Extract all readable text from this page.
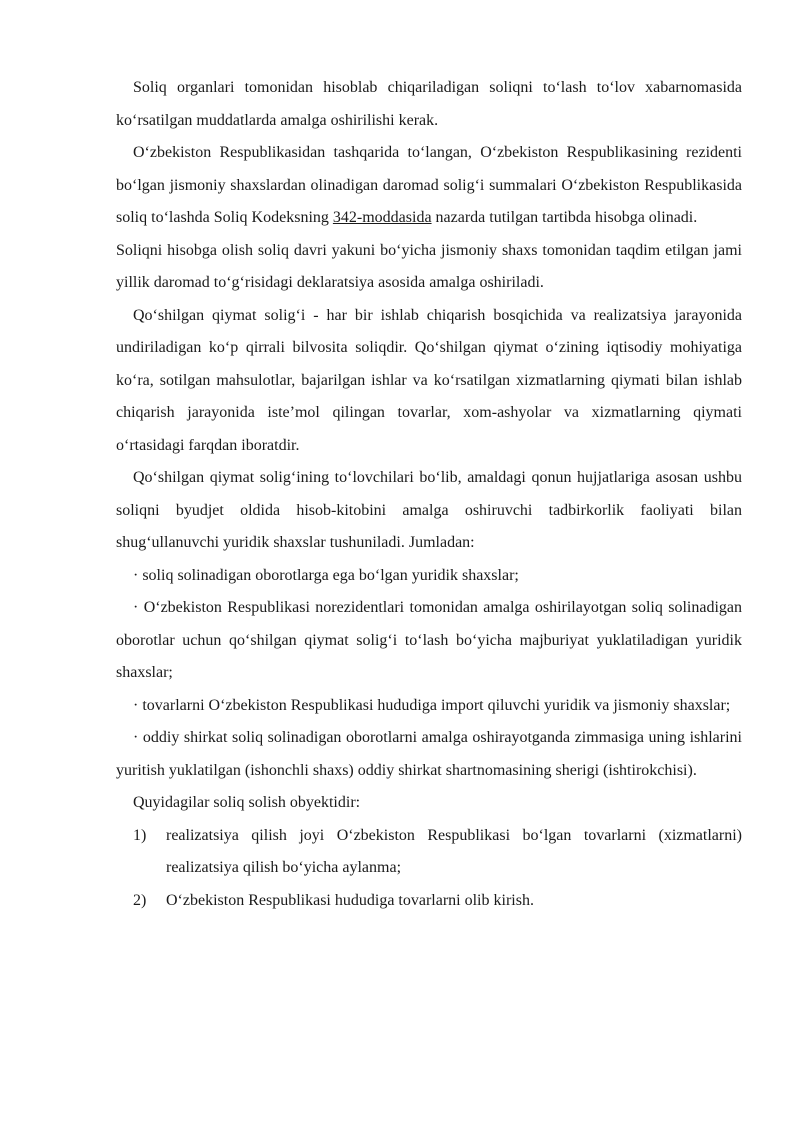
Soliq organlari tomonidan hisoblab chiqariladigan soliqni to‘lash to‘lov xabarnomasida ko‘rsatilgan muddatlarda amalga oshirilishi kerak.

O‘zbekiston Respublikasidan tashqarida to‘langan, O‘zbekiston Respublikasining rezidenti bo‘lgan jismoniy shaxslardan olinadigan daromad solig‘i summalari O‘zbekiston Respublikasida soliq to‘lashda Soliq Kodeksning 342-moddasida nazarda tutilgan tartibda hisobga olinadi.

Soliqni hisobga olish soliq davri yakuni bo‘yicha jismoniy shaxs tomonidan taqdim etilgan jami yillik daromad to‘g‘risidagi deklaratsiya asosida amalga oshiriladi.

Qo‘shilgan qiymat solig‘i - har bir ishlab chiqarish bosqichida va realizatsiya jarayonida undiriladigan ko‘p qirrali bilvosita soliqdir. Qo‘shilgan qiymat o‘zining iqtisodiy mohiyatiga ko‘ra, sotilgan mahsulotlar, bajarilgan ishlar va ko‘rsatilgan xizmatlarning qiymati bilan ishlab chiqarish jarayonida iste’mol qilingan tovarlar, xom-ashyolar va xizmatlarning qiymati o‘rtasidagi farqdan iboratdir.

Qo‘shilgan qiymat solig‘ining to‘lovchilari bo‘lib, amaldagi qonun hujjatlariga asosan ushbu soliqni byudjet oldida hisob-kitobini amalga oshiruvchi tadbirkorlik faoliyati bilan shug‘ullanuvchi yuridik shaxslar tushuniladi. Jumladan:

· soliq solinadigan oborotlarga ega bo‘lgan yuridik shaxslar;

· O‘zbekiston Respublikasi norezidentlari tomonidan amalga oshirilayotgan soliq solinadigan oborotlar uchun qo‘shilgan qiymat solig‘i to‘lash bo‘yicha majburiyat yuklatiladigan yuridik shaxslar;

· tovarlarni O‘zbekiston Respublikasi hududiga import qiluvchi yuridik va jismoniy shaxslar;

· oddiy shirkat soliq solinadigan oborotlarni amalga oshirayotganda zimmasiga uning ishlarini yuritish yuklatilgan (ishonchli shaxs) oddiy shirkat shartnomasining sherigi (ishtirokchisi).

Quyidagilar soliq solish obyektidir:

1)	realizatsiya qilish joyi O‘zbekiston Respublikasi bo‘lgan tovarlarni (xizmatlarni) realizatsiya qilish bo‘yicha aylanma;
2)	O‘zbekiston Respublikasi hududiga tovarlarni olib kirish.
